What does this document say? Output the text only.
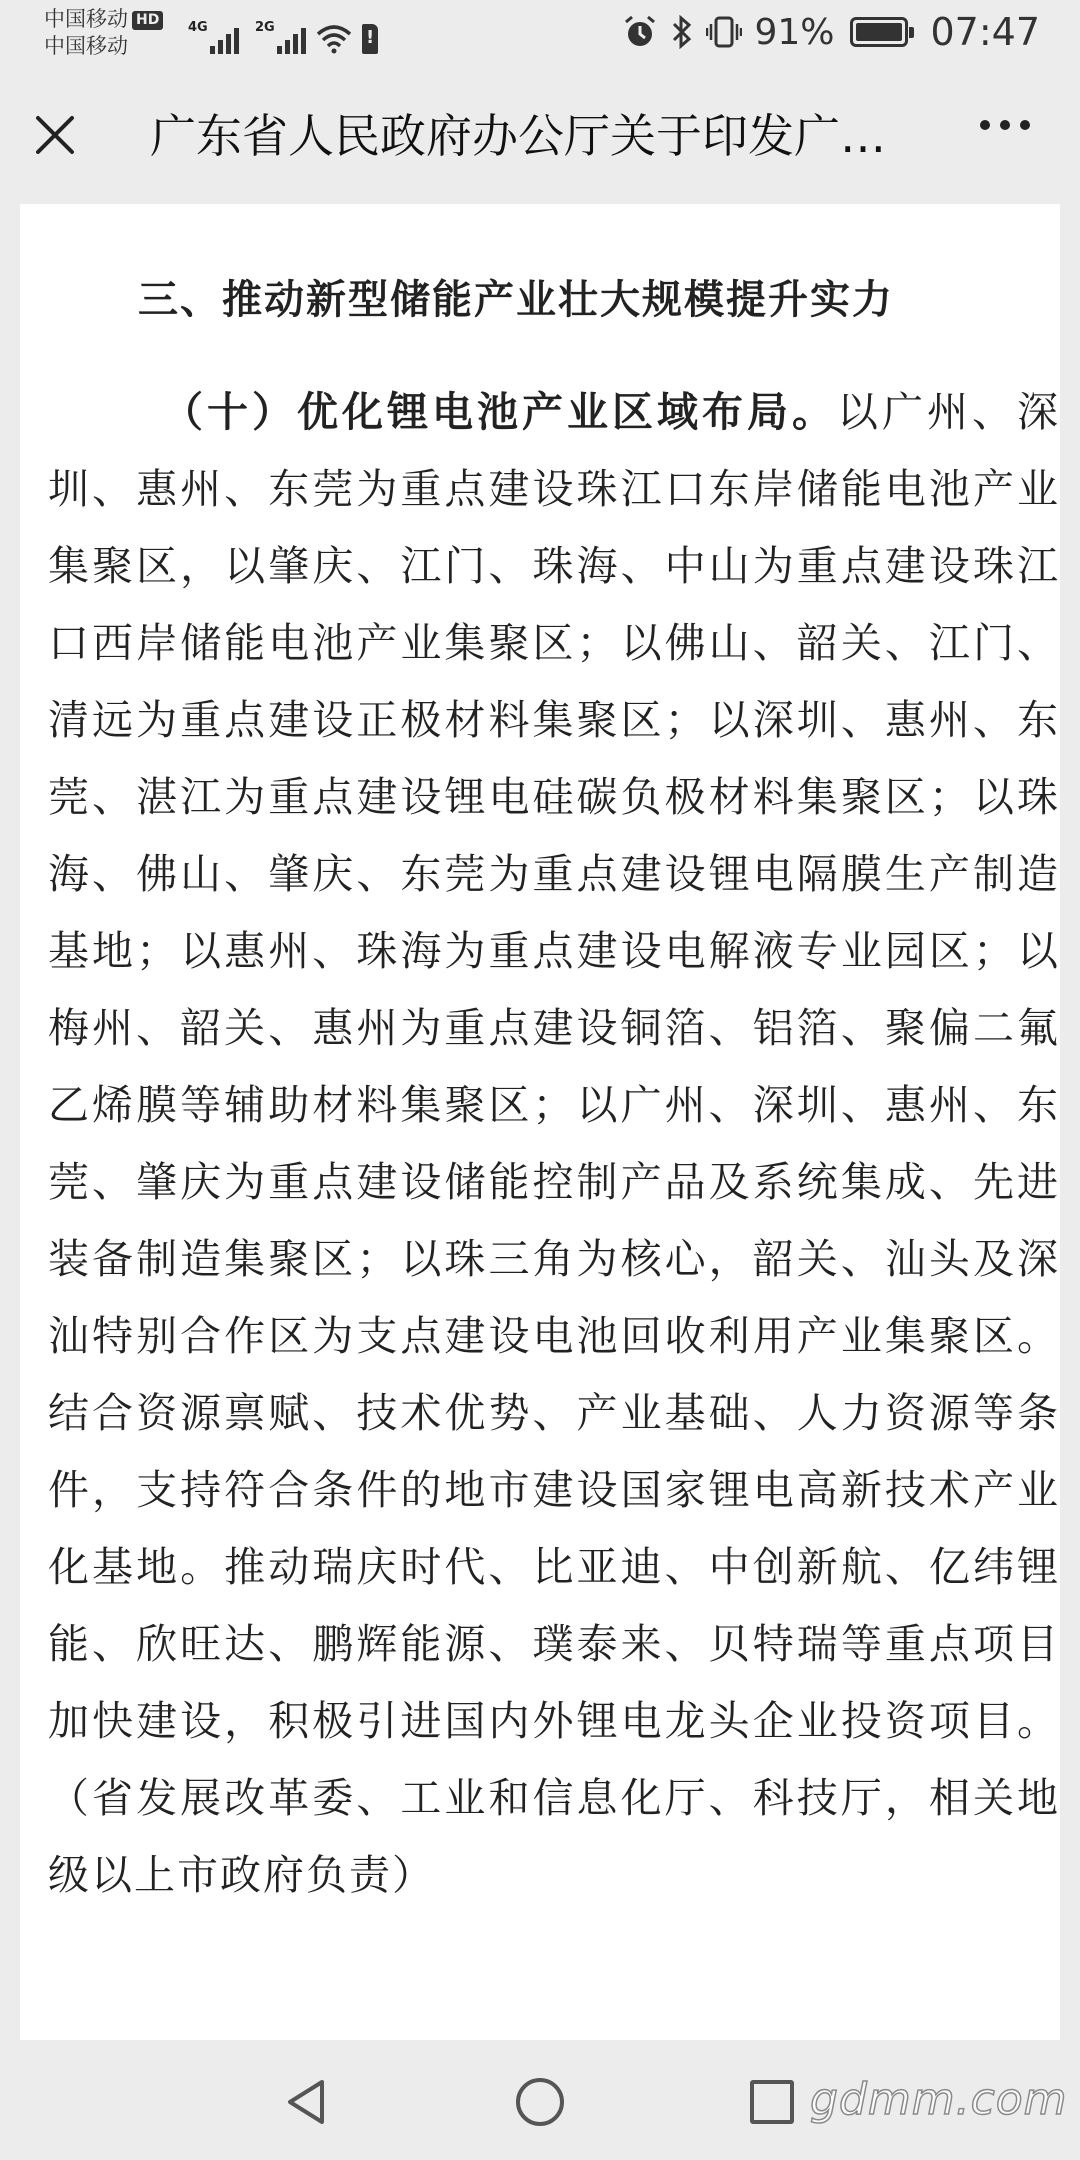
中国移动 HD
中国移动
4G	2G
!	91%	07:47
广东省人民政府办公厅关于印发广…
三、推动新型储能产业壮大规模提升实力
（十）优化锂电池产业区域布局。以广州、深圳、惠州、东莞为重点建设珠江口东岸储能电池产业集聚区，以肇庆、江门、珠海、中山为重点建设珠江口西岸储能电池产业集聚区；以佛山、韶关、江门、清远为重点建设正极材料集聚区；以深圳、惠州、东莞、湛江为重点建设锂电硅碳负极材料集聚区；以珠海、佛山、肇庆、东莞为重点建设锂电隔膜生产制造基地；以惠州、珠海为重点建设电解液专业园区；以梅州、韶关、惠州为重点建设铜箔、铝箔、聚偏二氟乙烯膜等辅助材料集聚区；以广州、深圳、惠州、东莞、肇庆为重点建设储能控制产品及系统集成、先进装备制造集聚区；以珠三角为核心，韶关、汕头及深汕特别合作区为支点建设电池回收利用产业集聚区。结合资源禀赋、技术优势、产业基础、人力资源等条件，支持符合条件的地市建设国家锂电高新技术产业化基地。推动瑞庆时代、比亚迪、中创新航、亿纬锂能、欣旺达、鹏辉能源、璞泰来、贝特瑞等重点项目加快建设，积极引进国内外锂电龙头企业投资项目。（省发展改革委、工业和信息化厅、科技厅，相关地级以上市政府负责）
gdmm.com
